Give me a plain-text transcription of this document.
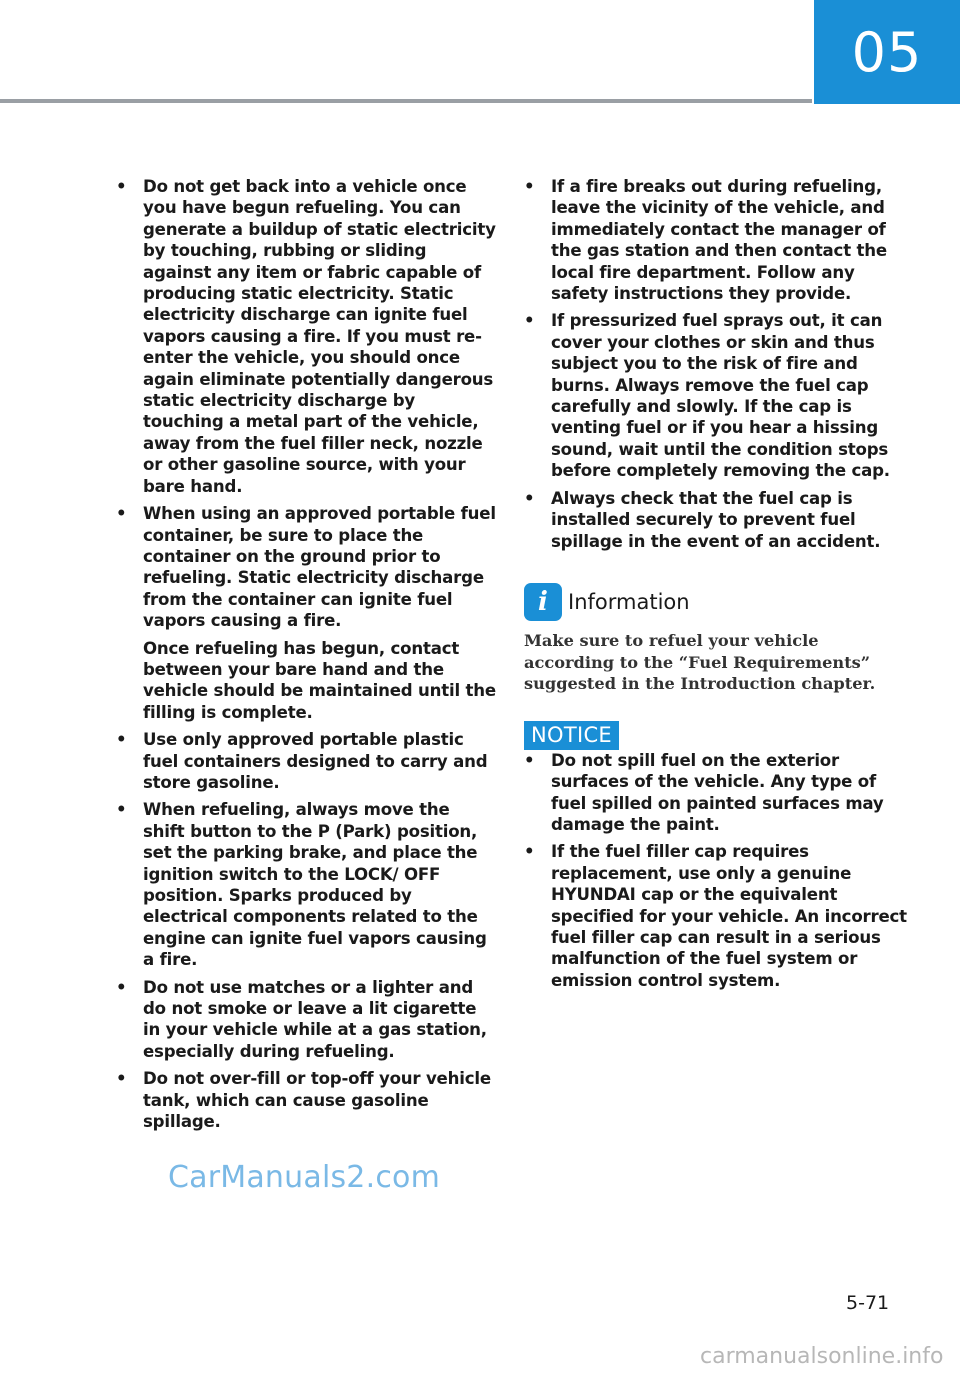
05
• Do not get back into a vehicle once you have begun refueling. You can generate a buildup of static electricity by touching, rubbing or sliding against any item or fabric capable of producing static electricity. Static electricity discharge can ignite fuel vapors causing a fire. If you must re-enter the vehicle, you should once again eliminate potentially dangerous static electricity discharge by touching a metal part of the vehicle, away from the fuel filler neck, nozzle or other gasoline source, with your bare hand.
• When using an approved portable fuel container, be sure to place the container on the ground prior to refueling. Static electricity discharge from the container can ignite fuel vapors causing a fire.
Once refueling has begun, contact between your bare hand and the vehicle should be maintained until the filling is complete.
• Use only approved portable plastic fuel containers designed to carry and store gasoline.
• When refueling, always move the shift button to the P (Park) position, set the parking brake, and place the ignition switch to the LOCK/ OFF position. Sparks produced by electrical components related to the engine can ignite fuel vapors causing a fire.
• Do not use matches or a lighter and do not smoke or leave a lit cigarette in your vehicle while at a gas station, especially during refueling.
• Do not over-fill or top-off your vehicle tank, which can cause gasoline spillage.
• If a fire breaks out during refueling, leave the vicinity of the vehicle, and immediately contact the manager of the gas station and then contact the local fire department. Follow any safety instructions they provide.
• If pressurized fuel sprays out, it can cover your clothes or skin and thus subject you to the risk of fire and burns. Always remove the fuel cap carefully and slowly. If the cap is venting fuel or if you hear a hissing sound, wait until the condition stops before completely removing the cap.
• Always check that the fuel cap is installed securely to prevent fuel spillage in the event of an accident.
i Information
Make sure to refuel your vehicle according to the “Fuel Requirements” suggested in the Introduction chapter.
NOTICE
• Do not spill fuel on the exterior surfaces of the vehicle. Any type of fuel spilled on painted surfaces may damage the paint.
• If the fuel filler cap requires replacement, use only a genuine HYUNDAI cap or the equivalent specified for your vehicle. An incorrect fuel filler cap can result in a serious malfunction of the fuel system or emission control system.
CarManuals2.com
5-71
carmanualsonline.info
